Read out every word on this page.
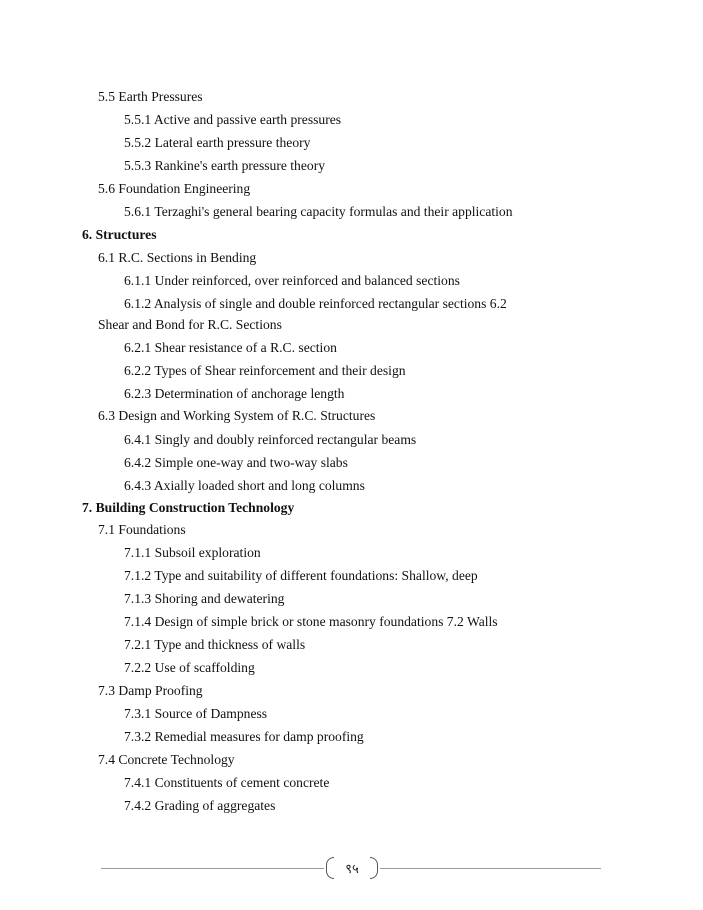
5.5 Earth Pressures
5.5.1 Active and passive earth pressures
5.5.2 Lateral earth pressure theory
5.5.3 Rankine's earth pressure theory
5.6 Foundation Engineering
5.6.1 Terzaghi's general bearing capacity formulas and their application
6. Structures
6.1 R.C. Sections in Bending
6.1.1 Under reinforced, over reinforced and balanced sections
6.1.2 Analysis of single and double reinforced rectangular sections 6.2
Shear and Bond for R.C. Sections
6.2.1 Shear resistance of a R.C. section
6.2.2 Types of Shear reinforcement and their design
6.2.3 Determination of anchorage length
6.3 Design and Working System of R.C. Structures
6.4.1 Singly and doubly reinforced rectangular beams
6.4.2 Simple one-way and two-way slabs
6.4.3 Axially loaded short and long columns
7. Building Construction Technology
7.1 Foundations
7.1.1 Subsoil exploration
7.1.2 Type and suitability of different foundations: Shallow, deep
7.1.3 Shoring and dewatering
7.1.4 Design of simple brick or stone masonry foundations 7.2 Walls
7.2.1 Type and thickness of walls
7.2.2 Use of scaffolding
7.3 Damp Proofing
7.3.1 Source of Dampness
7.3.2 Remedial measures for damp proofing
7.4 Concrete Technology
7.4.1 Constituents of cement concrete
7.4.2 Grading of aggregates
९५
